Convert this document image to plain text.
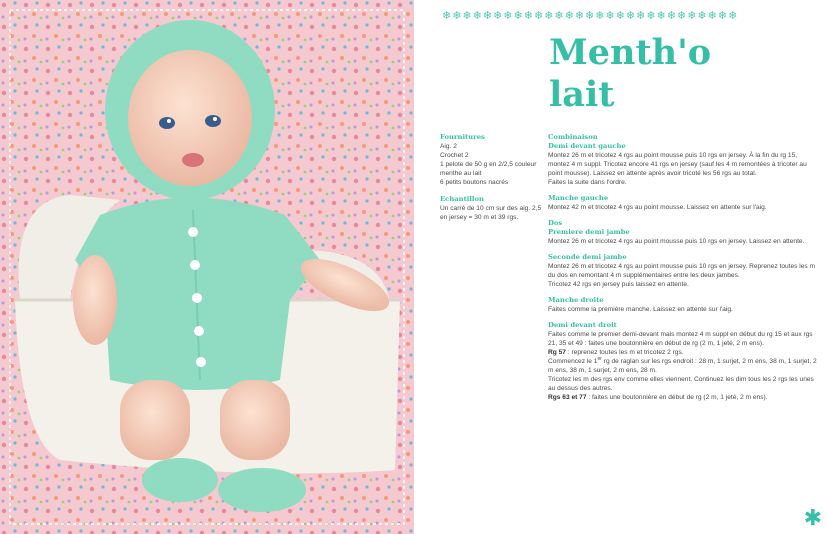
❄❄❄❄❄❄❄❄❄❄❄❄❄❄❄❄❄❄❄❄❄❄❄❄❄❄❄❄❄
Menth'o
lait
Fournitures
Aig. 2
Crochet 2
1 pelote de 50 g en 2/2,5 couleur menthe au lait
6 petits boutons nacrés
Echantillon
Un carré de 10 cm sur des aig. 2,5 en jersey = 30 m et 39 rgs.
Combinaison
Demi devant gauche
Montez 26 m et tricotez 4 rgs au point mousse puis 10 rgs en jersey. À la fin du rg 15, montez 4 m suppl. Tricotez encore 41 rgs en jersey (sauf les 4 m remontées à tricoter au point mousse). Laissez en attente après avoir tricoté les 56 rgs au total.
Faites la suite dans l'ordre.
Manche gauche
Montez 42 m et tricotez 4 rgs au point mousse. Laissez en attente sur l'aig.
Dos
Premiere demi jambe
Montez 26 m et tricotez 4 rgs au point mousse puis 10 rgs en jersey. Laissez en attente.
Seconde demi jambe
Montez 26 m et tricotez 4 rgs au point mousse puis 10 rgs en jersey. Reprenez toutes les m du dos en remontant 4 m supplémentaires entre les deux jambes.
Tricotez 42 rgs en jersey puis laissez en attente.
Manche droite
Faites comme la première manche. Laissez en attente sur l'aig.
Demi devant droit
Faites comme le premier demi-devant mais montez 4 m suppl en début du rg 15 et aux rgs 21, 35 et 49 : faites une boutonnière en début de rg (2 m, 1 jeté, 2 m ens).
Rg 57 : reprenez toutes les m et tricotez 2 rgs.
Commencez le 1er rg de raglan sur les rgs endroit : 28 m, 1 surjet, 2 m ens, 38 m, 1 surjet, 2 m ens, 38 m, 1 surjet, 2 m ens, 28 m.
Tricotez les m des rgs env comme elles viennent. Continuez les dim tous les 2 rgs les unes au dessus des autres.
Rgs 63 et 77 : faites une boutonnière en début de rg (2 m, 1 jeté, 2 m ens).
✱
